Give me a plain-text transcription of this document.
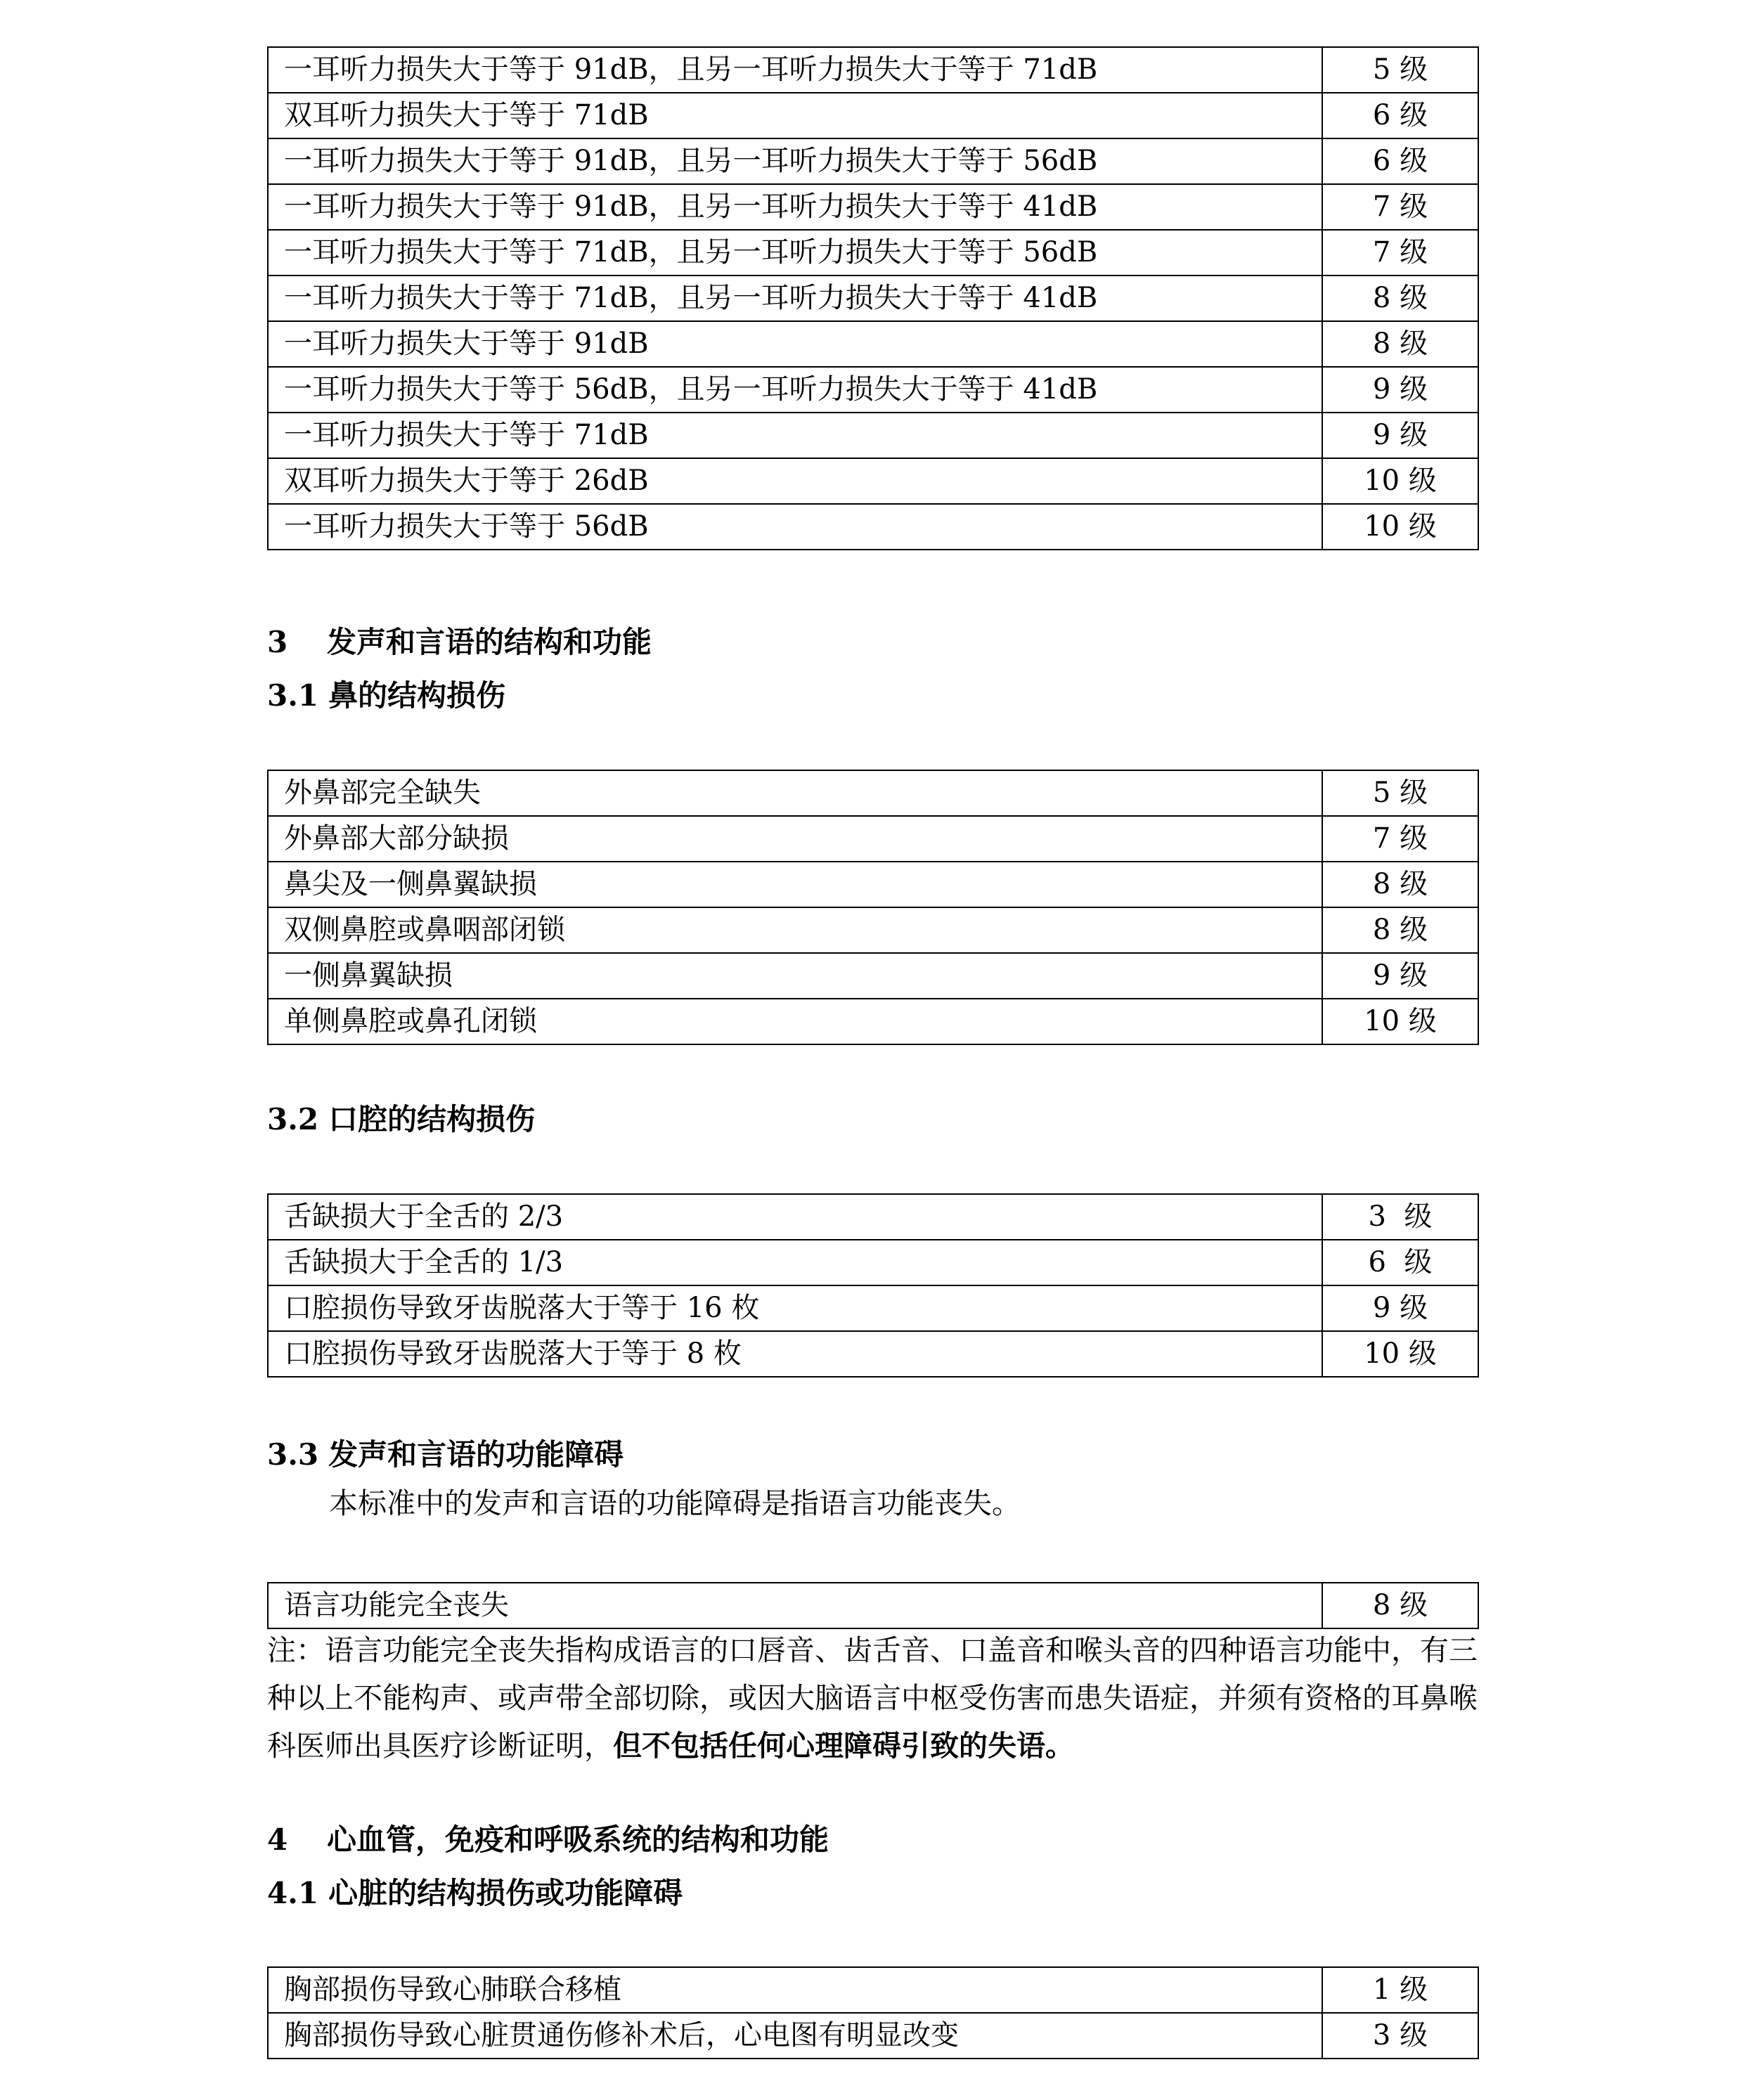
一耳听力损失大于等于 91dB，且另一耳听力损失大于等于 71dB	5 级
双耳听力损失大于等于 71dB	6 级
一耳听力损失大于等于 91dB，且另一耳听力损失大于等于 56dB	6 级
一耳听力损失大于等于 91dB，且另一耳听力损失大于等于 41dB	7 级
一耳听力损失大于等于 71dB，且另一耳听力损失大于等于 56dB	7 级
一耳听力损失大于等于 71dB，且另一耳听力损失大于等于 41dB	8 级
一耳听力损失大于等于 91dB	8 级
一耳听力损失大于等于 56dB，且另一耳听力损失大于等于 41dB	9 级
一耳听力损失大于等于 71dB	9 级
双耳听力损失大于等于 26dB	10 级
一耳听力损失大于等于 56dB	10 级
3 发声和言语的结构和功能
3.1 鼻的结构损伤
外鼻部完全缺失	5 级
外鼻部大部分缺损	7 级
鼻尖及一侧鼻翼缺损	8 级
双侧鼻腔或鼻咽部闭锁	8 级
一侧鼻翼缺损	9 级
单侧鼻腔或鼻孔闭锁	10 级
3.2 口腔的结构损伤
舌缺损大于全舌的 2/3	3  级
舌缺损大于全舌的 1/3	6  级
口腔损伤导致牙齿脱落大于等于 16 枚	9 级
口腔损伤导致牙齿脱落大于等于 8 枚	10 级
3.3 发声和言语的功能障碍
本标准中的发声和言语的功能障碍是指语言功能丧失。
语言功能完全丧失	8 级
注：语言功能完全丧失指构成语言的口唇音、齿舌音、口盖音和喉头音的四种语言功能中，有三种以上不能构声、或声带全部切除，或因大脑语言中枢受伤害而患失语症，并须有资格的耳鼻喉科医师出具医疗诊断证明，但不包括任何心理障碍引致的失语。
4 心血管，免疫和呼吸系统的结构和功能
4.1 心脏的结构损伤或功能障碍
胸部损伤导致心肺联合移植	1 级
胸部损伤导致心脏贯通伤修补术后，心电图有明显改变	3 级
